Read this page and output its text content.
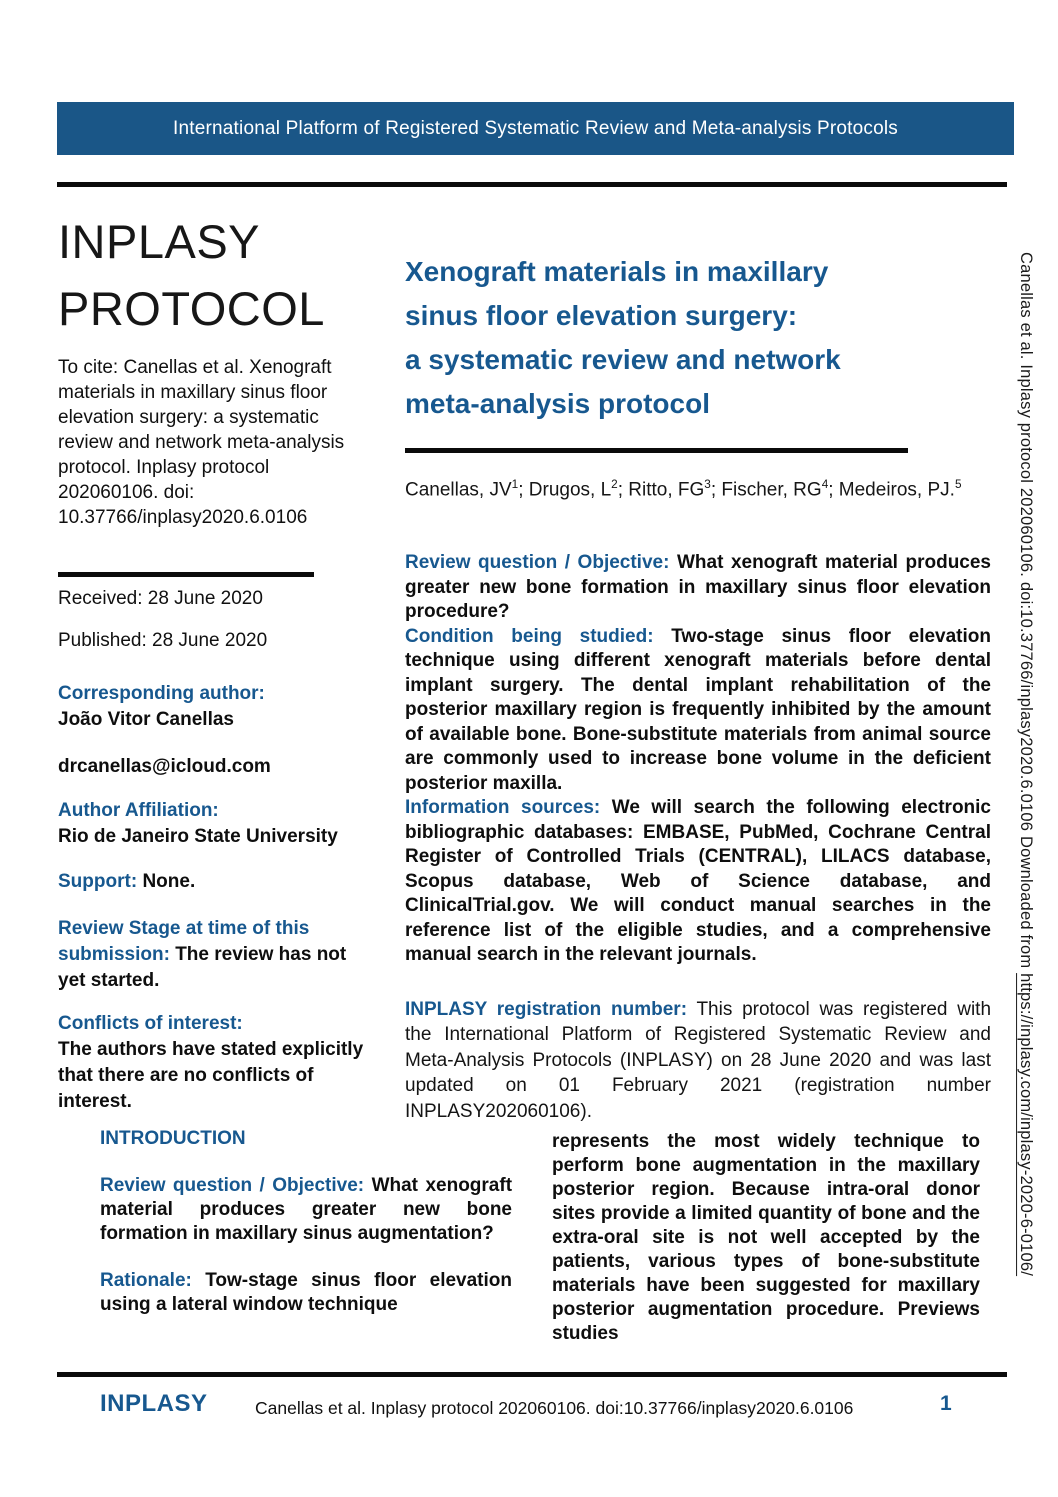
International Platform of Registered Systematic Review and Meta-analysis Protocols
INPLASY
PROTOCOL

To cite: Canellas et al. Xenograft materials in maxillary sinus floor elevation surgery: a systematic review and network meta-analysis protocol. Inplasy protocol 202060106. doi: 10.37766/inplasy2020.6.0106

Received: 28 June 2020

Published: 28 June 2020

Corresponding author:
João Vitor Canellas

drcanellas@icloud.com

Author Affiliation:
Rio de Janeiro State University

Support: None.

Review Stage at time of this submission: The review has not yet started.

Conflicts of interest:
The authors have stated explicitly that there are no conflicts of interest.

Xenograft materials in maxillary
sinus floor elevation surgery:
a systematic review and network
meta-analysis protocol

Canellas, $JV^1$; Drugos, $L^2$; Ritto, $FG^3$; Fischer, $RG^4$; Medeiros, PJ.$^5$

Review question / Objective: What xenograft material produces greater new bone formation in maxillary sinus floor elevation procedure?

Condition being studied: Two-stage sinus floor elevation technique using different xenograft materials before dental implant surgery. The dental implant rehabilitation of the posterior maxillary region is frequently inhibited by the amount of available bone. Bone-substitute materials from animal source are commonly used to increase bone volume in the deficient posterior maxilla.

Information sources: We will search the following electronic bibliographic databases: EMBASE, PubMed, Cochrane Central Register of Controlled Trials (CENTRAL), LILACS database, Scopus database, Web of Science database, and ClinicalTrial.gov. We will conduct manual searches in the reference list of the eligible studies, and a comprehensive manual search in the relevant journals.

INPLASY registration number: This protocol was registered with the International Platform of Registered Systematic Review and Meta-Analysis Protocols (INPLASY) on 28 June 2020 and was last updated on 01 February 2021 (registration number INPLASY202060106).

INTRODUCTION

Review question / Objective: What xenograft material produces greater new bone formation in maxillary sinus augmentation?

Rationale: Tow-stage sinus floor elevation using a lateral window technique

represents the most widely technique to perform bone augmentation in the maxillary posterior region. Because intra-oral donor sites provide a limited quantity of bone and the extra-oral site is not well accepted by the patients, various types of bone-substitute materials have been suggested for maxillary posterior augmentation procedure. Previews studies

Canellas et al. Inplasy protocol 202060106. doi:10.37766/inplasy2020.6.0106 Downloaded from https://inplasy.com/inplasy-2020-6-0106/
INPLASY	Canellas et al. Inplasy protocol 202060106. doi:10.37766/inplasy2020.6.0106	1
